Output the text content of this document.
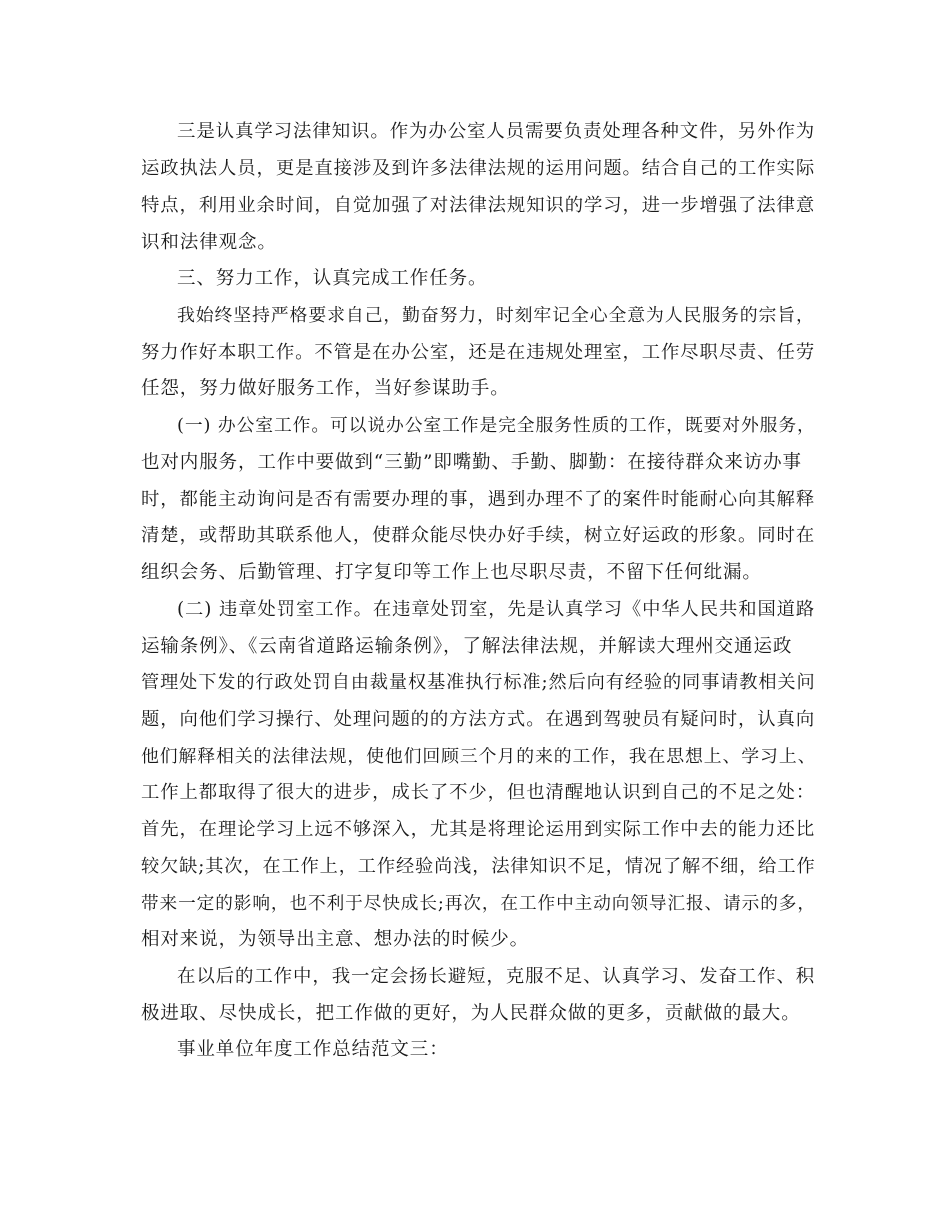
三是认真学习法律知识。作为办公室人员需要负责处理各种文件，另外作为
运政执法人员，更是直接涉及到许多法律法规的运用问题。结合自己的工作实际
特点，利用业余时间，自觉加强了对法律法规知识的学习，进一步增强了法律意
识和法律观念。
三、努力工作，认真完成工作任务。
我始终坚持严格要求自己，勤奋努力，时刻牢记全心全意为人民服务的宗旨，
努力作好本职工作。不管是在办公室，还是在违规处理室，工作尽职尽责、任劳
任怨，努力做好服务工作，当好参谋助手。
(一) 办公室工作。可以说办公室工作是完全服务性质的工作，既要对外服务，
也对内服务，工作中要做到“三勤”即嘴勤、手勤、脚勤：在接待群众来访办事
时，都能主动询问是否有需要办理的事，遇到办理不了的案件时能耐心向其解释
清楚，或帮助其联系他人，使群众能尽快办好手续，树立好运政的形象。同时在
组织会务、后勤管理、打字复印等工作上也尽职尽责，不留下任何纰漏。
(二) 违章处罚室工作。在违章处罚室，先是认真学习《中华人民共和国道路
运输条例》、《云南省道路运输条例》，了解法律法规，并解读大理州交通运政
管理处下发的行政处罚自由裁量权基准执行标准;然后向有经验的同事请教相关问
题，向他们学习操行、处理问题的的方法方式。在遇到驾驶员有疑问时，认真向
他们解释相关的法律法规，使他们回顾三个月的来的工作，我在思想上、学习上、
工作上都取得了很大的进步，成长了不少，但也清醒地认识到自己的不足之处：
首先，在理论学习上远不够深入，尤其是将理论运用到实际工作中去的能力还比
较欠缺;其次，在工作上，工作经验尚浅，法律知识不足，情况了解不细，给工作
带来一定的影响，也不利于尽快成长;再次，在工作中主动向领导汇报、请示的多，
相对来说，为领导出主意、想办法的时候少。
在以后的工作中，我一定会扬长避短，克服不足、认真学习、发奋工作、积
极进取、尽快成长，把工作做的更好，为人民群众做的更多，贡献做的最大。
事业单位年度工作总结范文三：
